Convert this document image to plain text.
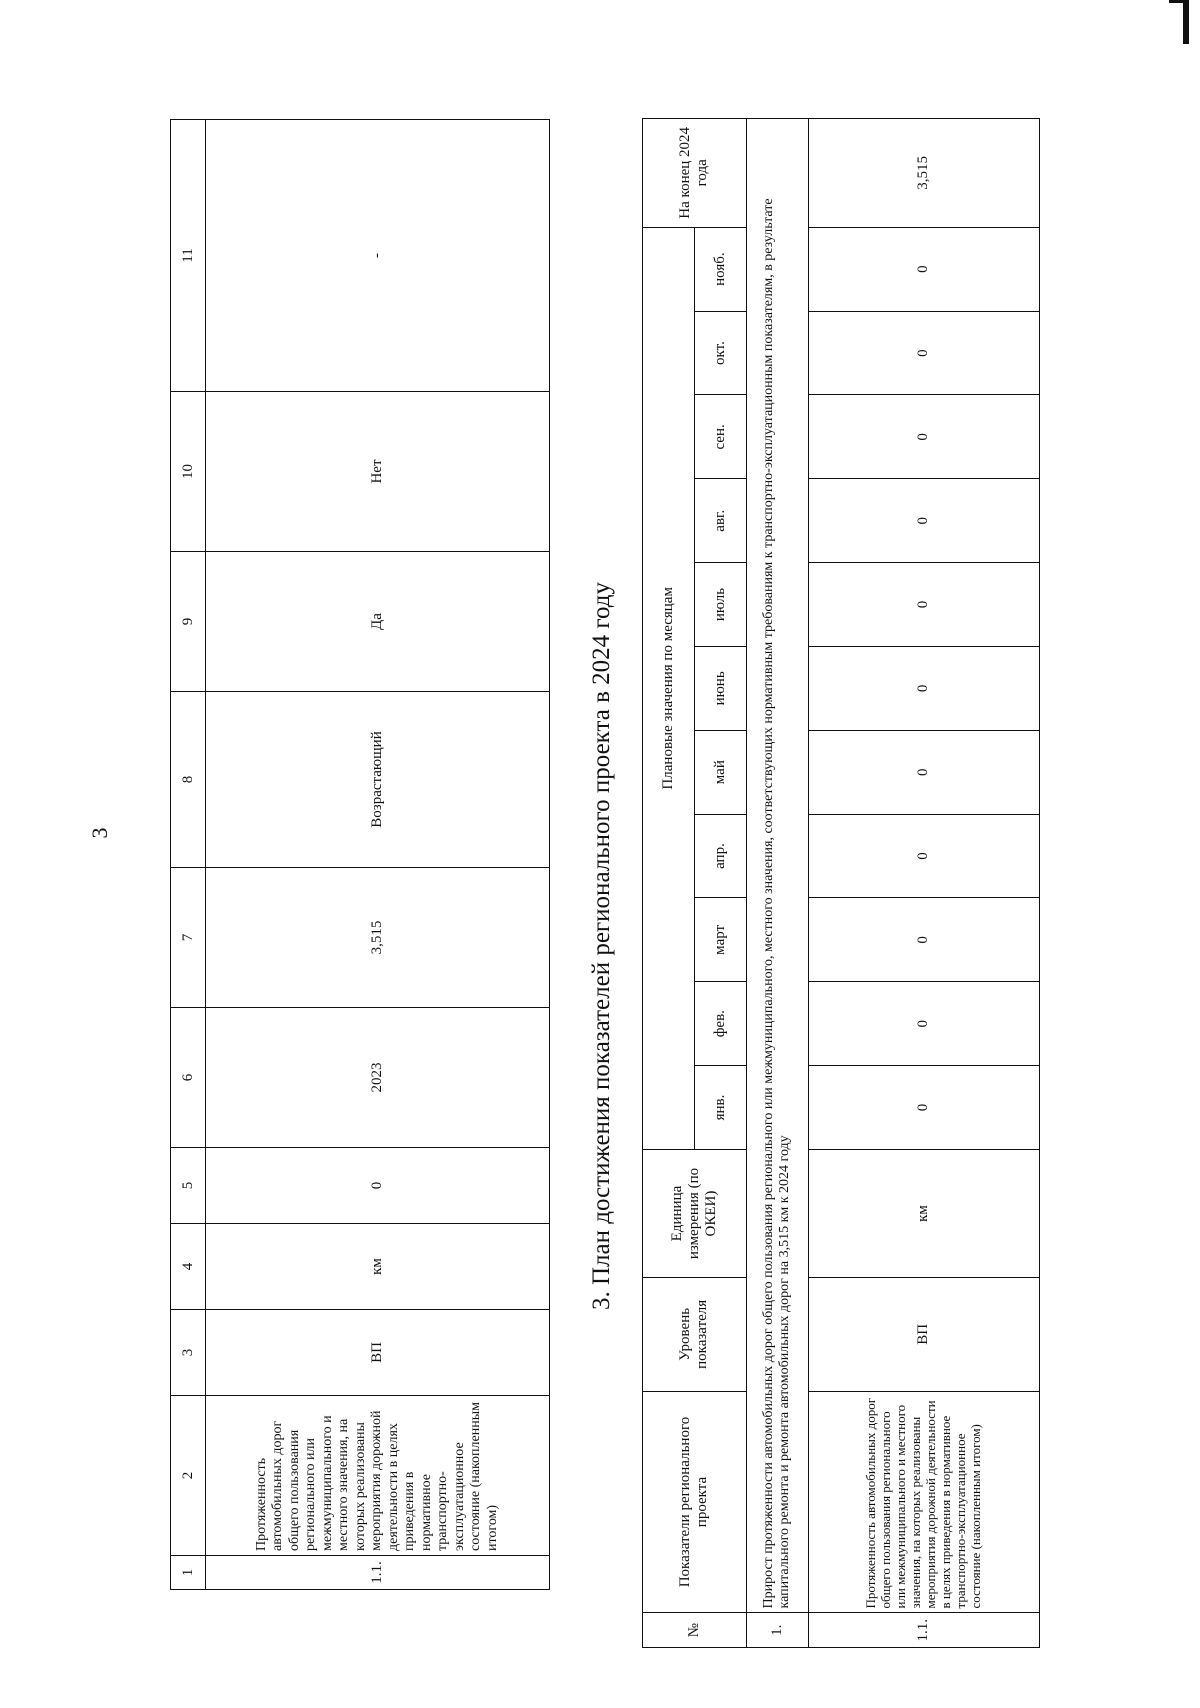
3
1	2	3	4	5	6	7	8	9	10	11
1.1.	Протяженность автомобильных дорог общего пользования регионального или межмуниципального и местного значения, на которых реализованы мероприятия дорожной деятельности в целях приведения в нормативное транспортно-эксплуатационное состояние (накопленным итогом)	ВП	км	0	2023	3,515	Возрастающий	Да	Нет	-
3. План достижения показателей регионального проекта в 2024 году
№	Показатели регионального проекта	Уровень показателя	Единица измерения (по ОКЕИ)	Плановые значения по месяцам											На конец 2024 года
				янв.	фев.	март	апр.	май	июнь	июль	авг.	сен.	окт.	нояб.	
1.	Прирост протяженности автомобильных дорог общего пользования регионального или межмуниципального, местного значения, соответствующих нормативным требованиям к транспортно-эксплуатационным показателям, в результате капитального ремонта и ремонта автомобильных дорог на 3,515 км к 2024 году														
1.1.	Протяженность автомобильных дорог общего пользования регионального или межмуниципального и местного значения, на которых реализованы мероприятия дорожной деятельности в целях приведения в нормативное транспортно-эксплуатационное состояние (накопленным итогом)	ВП	км	0	0	0	0	0	0	0	0	0	0	0	3,515
